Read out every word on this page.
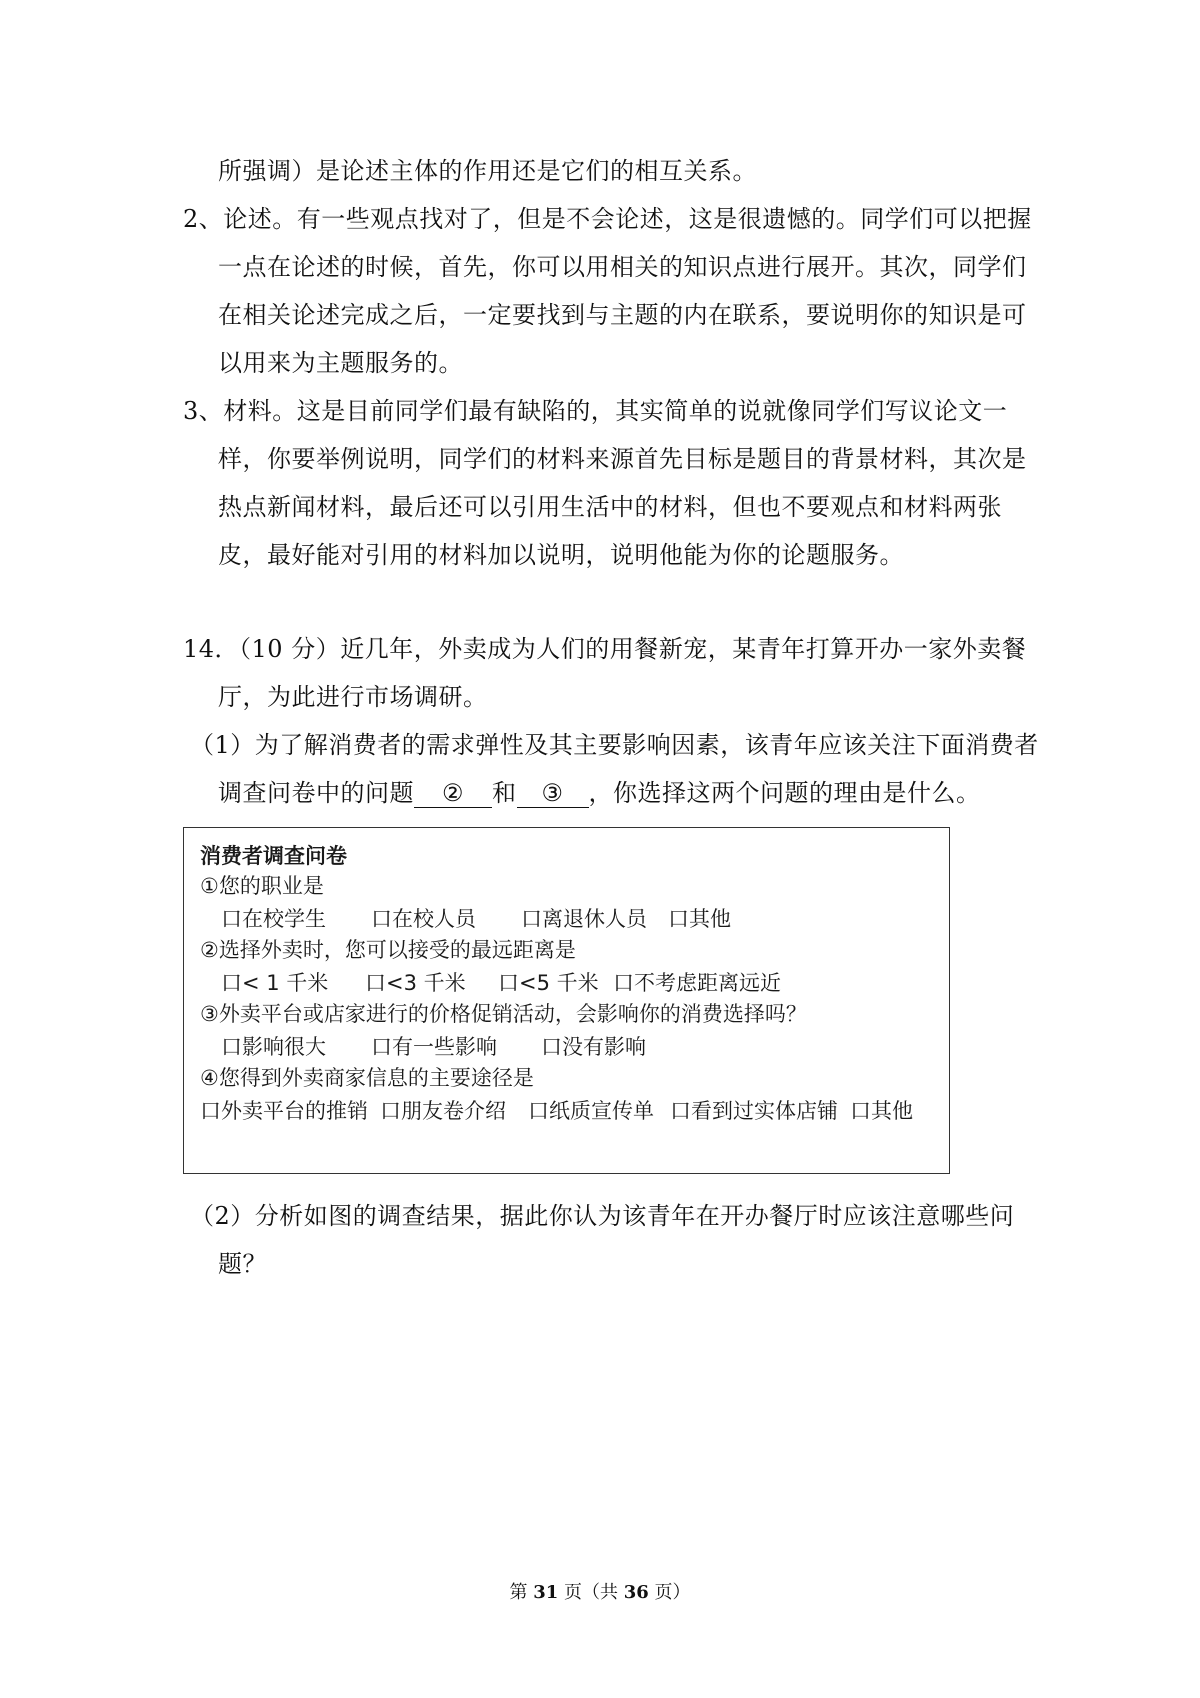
所强调）是论述主体的作用还是它们的相互关系。
2、论述。有一些观点找对了，但是不会论述，这是很遗憾的。同学们可以把握
一点在论述的时候，首先，你可以用相关的知识点进行展开。其次，同学们
在相关论述完成之后，一定要找到与主题的内在联系，要说明你的知识是可
以用来为主题服务的。
3、材料。这是目前同学们最有缺陷的，其实简单的说就像同学们写议论文一
样，你要举例说明，同学们的材料来源首先目标是题目的背景材料，其次是
热点新闻材料，最后还可以引用生活中的材料，但也不要观点和材料两张
皮，最好能对引用的材料加以说明，说明他能为你的论题服务。
14．（10 分）近几年，外卖成为人们的用餐新宠，某青年打算开办一家外卖餐
厅，为此进行市场调研。
（1）为了解消费者的需求弹性及其主要影响因素，该青年应该关注下面消费者
调查问卷中的问题 ② 和 ③ ，你选择这两个问题的理由是什么。
消费者调查问卷
①您的职业是
口在校学生 口在校人员 口离退休人员 口其他
②选择外卖时，您可以接受的最远距离是
口< 1 千米 口<3 千米 口<5 千米 口不考虑距离远近
③外卖平台或店家进行的价格促销活动，会影响你的消费选择吗？
口影响很大 口有一些影响 口没有影响
④您得到外卖商家信息的主要途径是
口外卖平台的推销 口朋友卷介绍 口纸质宣传单 口看到过实体店铺 口其他
（2）分析如图的调查结果，据此你认为该青年在开办餐厅时应该注意哪些问
题？
第 31 页（共 36 页）
